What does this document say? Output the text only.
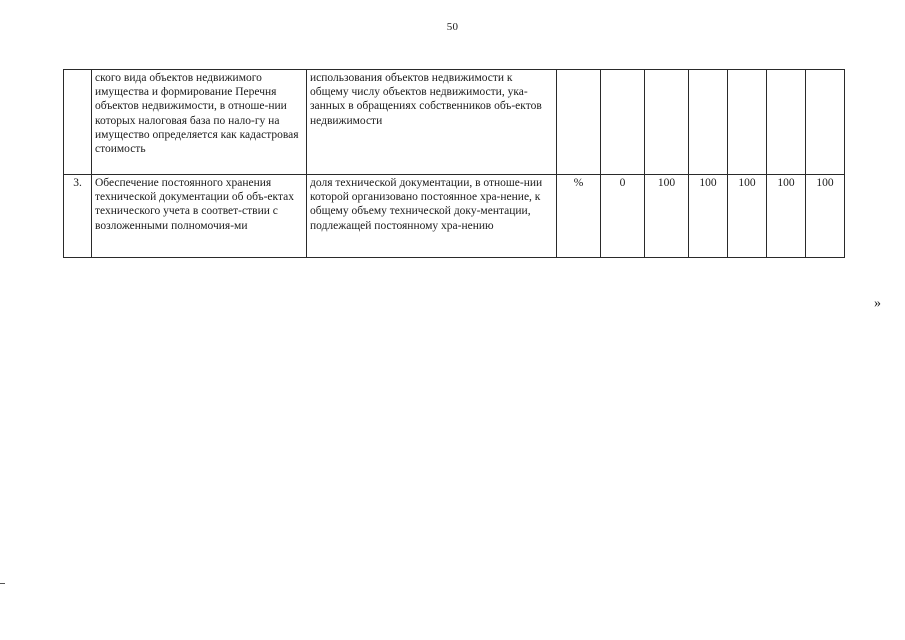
50
	ского вида объектов недвижимого имущества и формирование Перечня объектов недвижимости, в отноше-нии которых налоговая база по нало-гу на имущество определяется как кадастровая стоимость	использования объектов недвижимости к общему числу объектов недвижимости, ука-занных в обращениях собственников объ-ектов недвижимости							
3.	Обеспечение постоянного хранения технической документации об объ-ектах технического учета в соответ-ствии с возложенными полномочия-ми	доля технической документации, в отноше-нии которой организовано постоянное хра-нение, к общему объему технической доку-ментации, подлежащей постоянному хра-нению	%	0	100	100	100	100	100
»
